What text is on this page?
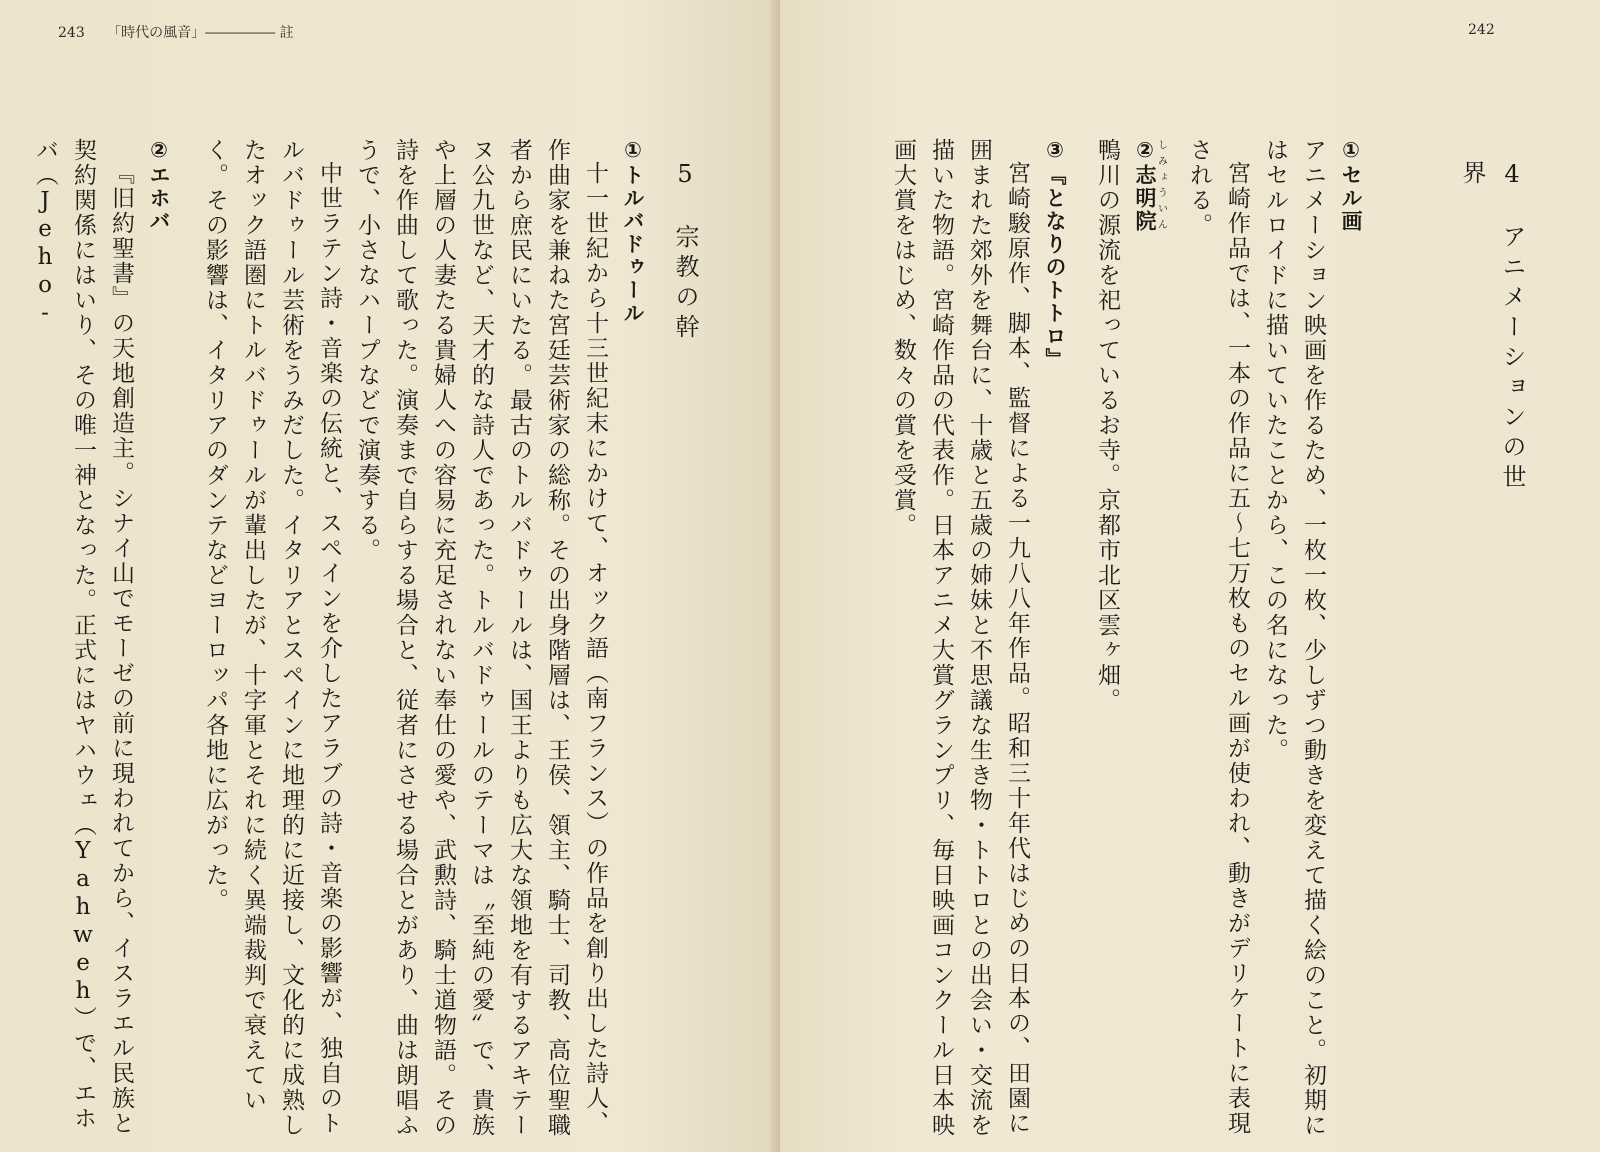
243 「時代の風音」――――― 註
5　宗教の幹

①トルバドゥール

十一世紀から十三世紀末にかけて、オック語（南フランス）の作品を創り出した詩人、作曲家を兼ねた宮廷芸術家の総称。その出身階層は、王侯、領主、騎士、司教、高位聖職者から庶民にいたる。最古のトルバドゥールは、国王よりも広大な領地を有するアキテーヌ公九世など、天才的な詩人であった。トルバドゥールのテーマは〝至純の愛〟で、貴族や上層の人妻たる貴婦人への容易に充足されない奉仕の愛や、武勲詩、騎士道物語。その詩を作曲して歌った。演奏まで自らする場合と、従者にさせる場合とがあり、曲は朗唱ふうで、小さなハープなどで演奏する。

中世ラテン詩・音楽の伝統と、スペインを介したアラブの詩・音楽の影響が、独自のトルバドゥール芸術をうみだした。イタリアとスペインに地理的に近接し、文化的に成熟したオック語圏にトルバドゥールが輩出したが、十字軍とそれに続く異端裁判で衰えていく。その影響は、イタリアのダンテなどヨーロッパ各地に広がった。

②エホバ

『旧約聖書』の天地創造主。シナイ山でモーゼの前に現われてから、イスラエル民族と契約関係にはいり、その唯一神となった。正式にはヤハウェ（Yahweh）で、エホバ（Jeho-

242
4　アニメーションの世界

①セル画

アニメーション映画を作るため、一枚一枚、少しずつ動きを変えて描く絵のこと。初期にはセルロイドに描いていたことから、この名になった。

宮崎作品では、一本の作品に五〜七万枚ものセル画が使われ、動きがデリケートに表現される。

②志明院しみょういん

鴨川の源流を祀っているお寺。京都市北区雲ヶ畑。

③『となりのトトロ』

宮崎駿原作、脚本、監督による一九八八年作品。昭和三十年代はじめの日本の、田園に囲まれた郊外を舞台に、十歳と五歳の姉妹と不思議な生き物・トトロとの出会い・交流を描いた物語。宮崎作品の代表作。日本アニメ大賞グランプリ、毎日映画コンクール日本映画大賞をはじめ、数々の賞を受賞。
